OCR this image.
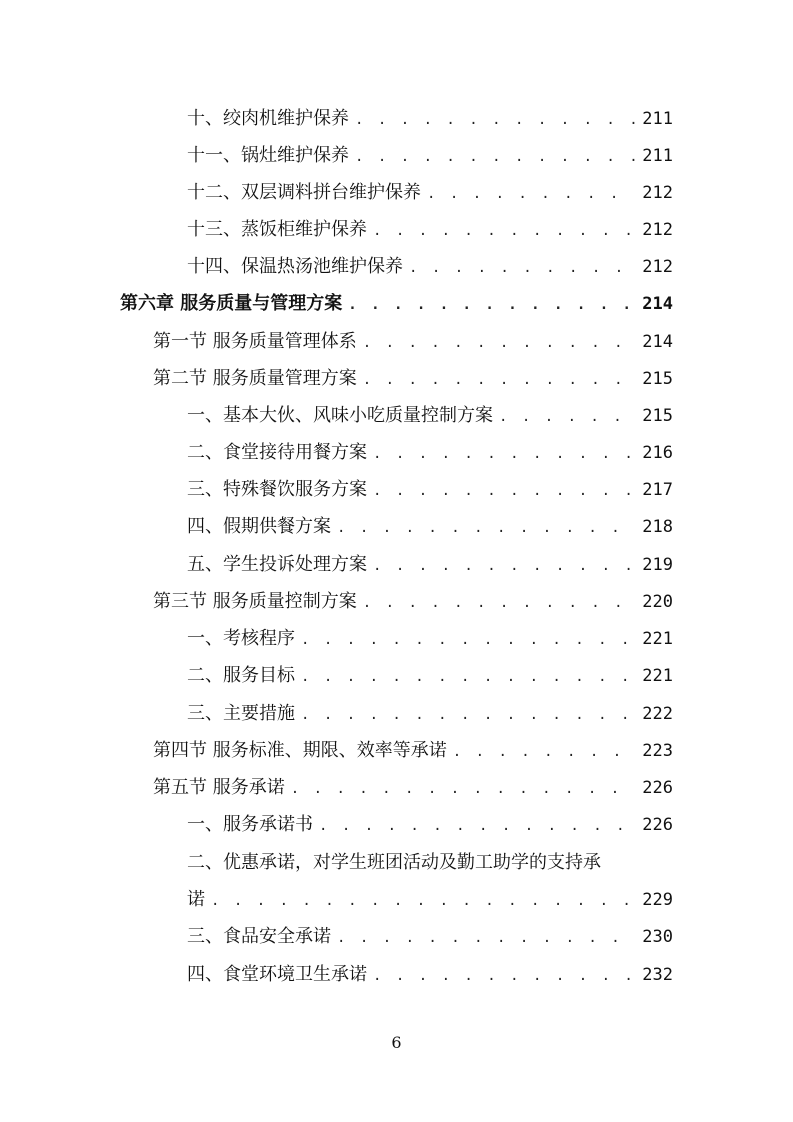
十、绞肉机维护保养 . . .	211
十一、锅灶维护保养 . . .	211
十二、双层调料拼台维护保养 . . .	212
十三、蒸饭柜维护保养 . . .	212
十四、保温热汤池维护保养 . . .	212
第六章 服务质量与管理方案 . . .	214
第一节 服务质量管理体系 . . .	214
第二节 服务质量管理方案 . . .	215
一、基本大伙、风味小吃质量控制方案 . . .	215
二、食堂接待用餐方案 . . .	216
三、特殊餐饮服务方案 . . .	217
四、假期供餐方案 . . .	218
五、学生投诉处理方案 . . .	219
第三节 服务质量控制方案 . . .	220
一、考核程序 . . .	221
二、服务目标 . . .	221
三、主要措施 . . .	222
第四节 服务标准、期限、效率等承诺 . . .	223
第五节 服务承诺 . . .	226
一、服务承诺书 . . .	226
二、优惠承诺，对学生班团活动及勤工助学的支持承
诺 . . .	229
三、食品安全承诺 . . .	230
四、食堂环境卫生承诺 . . .	232
6
